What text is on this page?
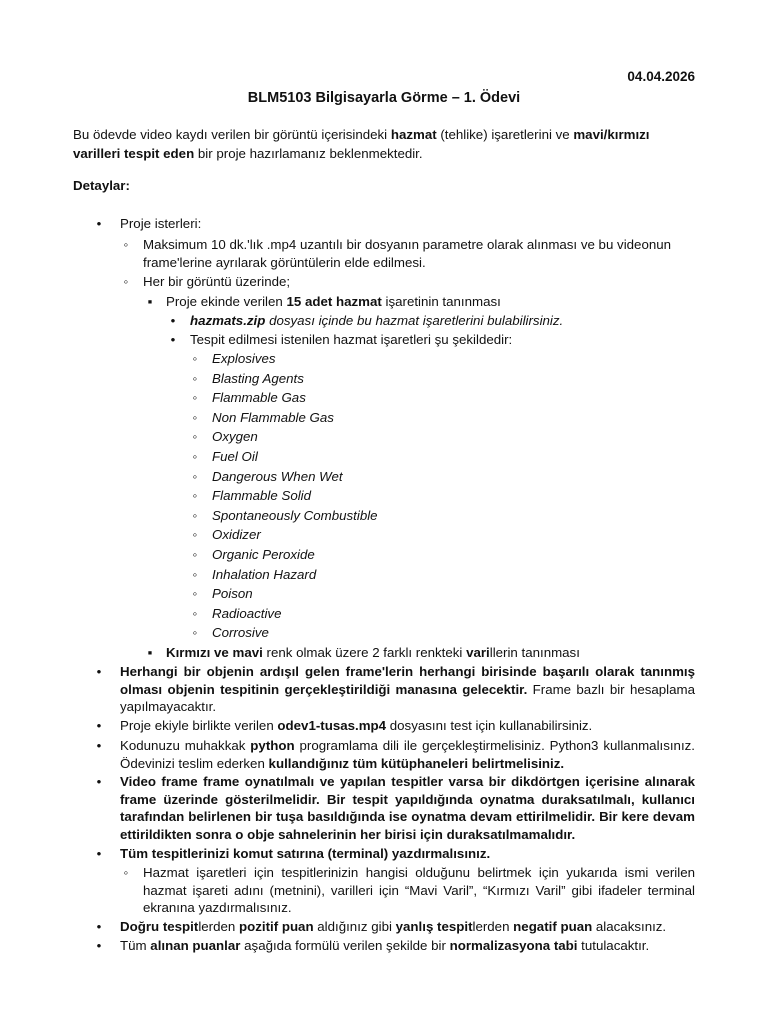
04.04.2026
BLM5103 Bilgisayarla Görme – 1. Ödevi
Bu ödevde video kaydı verilen bir görüntü içerisindeki hazmat (tehlike) işaretlerini ve mavi/kırmızı varilleri tespit eden bir proje hazırlamanız beklenmektedir.
Detaylar:
•	Proje isterleri:
◦ Maksimum 10 dk.'lık .mp4 uzantılı bir dosyanın parametre olarak alınması ve bu videonun frame'lerine ayrılarak görüntülerin elde edilmesi.
◦ Her bir görüntü üzerinde;
▪ Proje ekinde verilen 15 adet hazmat işaretinin tanınması
•	hazmats.zip dosyası içinde bu hazmat işaretlerini bulabilirsiniz.
•	Tespit edilmesi istenilen hazmat işaretleri şu şekildedir:
◦ Explosives
◦ Blasting Agents
◦ Flammable Gas
◦ Non Flammable Gas
◦ Oxygen
◦ Fuel Oil
◦ Dangerous When Wet
◦ Flammable Solid
◦ Spontaneously Combustible
◦ Oxidizer
◦ Organic Peroxide
◦ Inhalation Hazard
◦ Poison
◦ Radioactive
◦ Corrosive
▪ Kırmızı ve mavi renk olmak üzere 2 farklı renkteki varillerin tanınması
•	Herhangi bir objenin ardışıl gelen frame'lerin herhangi birisinde başarılı olarak tanınmış olması objenin tespitinin gerçekleştirildiği manasına gelecektir. Frame bazlı bir hesaplama yapılmayacaktır.
•	Proje ekiyle birlikte verilen odev1-tusas.mp4 dosyasını test için kullanabilirsiniz.
•	Kodunuzu muhakkak python programlama dili ile gerçekleştirmelisiniz. Python3 kullanmalısınız. Ödevinizi teslim ederken kullandığınız tüm kütüphaneleri belirtmelisiniz.
•	Video frame frame oynatılmalı ve yapılan tespitler varsa bir dikdörtgen içerisine alınarak frame üzerinde gösterilmelidir. Bir tespit yapıldığında oynatma duraksatılmalı, kullanıcı tarafından belirlenen bir tuşa basıldığında ise oynatma devam ettirilmelidir. Bir kere devam ettirildikten sonra o obje sahnelerinin her birisi için duraksatılmamalıdır.
•	Tüm tespitlerinizi komut satırına (terminal) yazdırmalısınız.
◦ Hazmat işaretleri için tespitlerinizin hangisi olduğunu belirtmek için yukarıda ismi verilen hazmat işareti adını (metnini), varilleri için “Mavi Varil”, “Kırmızı Varil” gibi ifadeler terminal ekranına yazdırmalısınız.
•	Doğru tespitlerden pozitif puan aldığınız gibi yanlış tespitlerden negatif puan alacaksınız.
•	Tüm alınan puanlar aşağıda formülü verilen şekilde bir normalizasyona tabi tutulacaktır.
